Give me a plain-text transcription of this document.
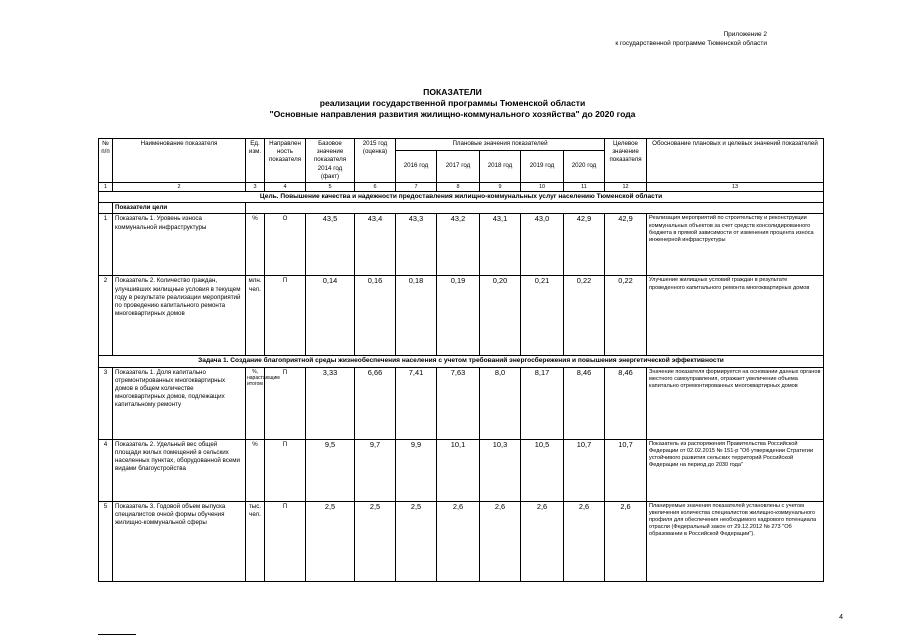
Приложение 2
к государственной программе Тюменской области
ПОКАЗАТЕЛИ
реализации государственной программы Тюменской области
"Основные направления развития жилищно-коммунального хозяйства" до 2020 года
№ п/п	Наименование показателя	Ед. изм.	Направлен ность показателя	Базовое значение показателя 2014 год (факт)	2015 год (оценка)	Плановые значения показателей					Целевое значение показателя	Обоснование плановых и целевых значений показателей
						2016 год	2017 год	2018 год	2019 год	2020 год		
1	2	3	4	5	6	7	8	9	10	11	12	13
Цель. Повышение качества и надежности предоставления жилищно-коммунальных услуг населению Тюменской области												
	Показатели цели											
1	Показатель 1. Уровень износа коммунальной инфраструктуры	%	О	43,5	43,4	43,3	43,2	43,1	43,0	42,9	42,9	Реализация мероприятий по строительству и реконструкции коммунальных объектов за счет средств консолидированного бюджета в прямой зависимости от изменения процента износа инженерной инфраструктуры
2	Показатель 2. Количество граждан, улучшивших жилищные условия в текущем году в результате реализации мероприятий по проведению капитального ремонта многоквартирных домов	млн. чел.	П	0,14	0,16	0,18	0,19	0,20	0,21	0,22	0,22	Улучшение жилищных условий граждан в результате проведенного капитального ремонта многоквартирных домов
Задача 1. Создание благоприятной среды жизнеобеспечения населения с учетом требований энергосбережения и повышения энергетической эффективности												
3	Показатель 1. Доля капитально отремонтированных многоквартирных домов в общем количестве многоквартирных домов, подлежащих капитальному ремонту	%, нарастающим итогом	П	3,33	6,66	7,41	7,63	8,0	8,17	8,46	8,46	Значение показателя формируется на основании данных органов местного самоуправления, отражает увеличение объема капитально отремонтированных многоквартирных домов
4	Показатель 2. Удельный вес общей площади жилых помещений в сельских населенных пунктах, оборудованной всеми видами благоустройства	%	П	9,5	9,7	9,9	10,1	10,3	10,5	10,7	10,7	Показатель из распоряжения Правительства Российской Федерации от 02.02.2015 № 151-р "Об утверждении Стратегии устойчивого развития сельских территорий Российской Федерации на период до 2030 года"
5	Показатель 3. Годовой объем выпуска специалистов очной формы обучения жилищно-коммунальной сферы	тыс. чел.	П	2,5	2,5	2,5	2,6	2,6	2,6	2,6	2,6	Планируемые значения показателей установлены с учетом увеличения количества специалистов жилищно-коммунального профиля для обеспечения необходимого кадрового потенциала отрасли (Федеральный закон от 29.12.2012 № 273 "Об образовании в Российской Федерации").
4
